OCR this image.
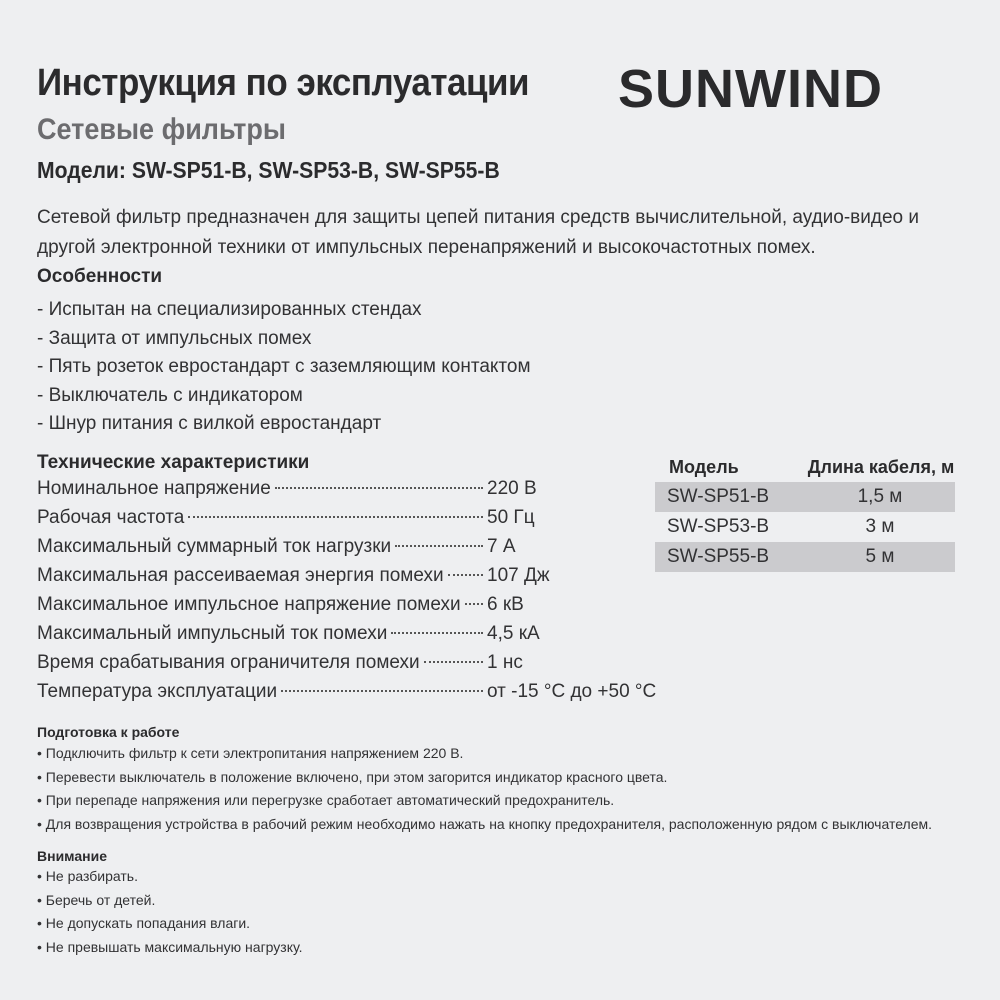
Инструкция по эксплуатации SUNWIND
Сетевые фильтры
Модели: SW-SP51-B, SW-SP53-B, SW-SP55-B
Сетевой фильтр предназначен для защиты цепей питания средств вычислительной, аудио-видео и другой электронной техники от импульсных перенапряжений и высокочастотных помех.
Особенности
- Испытан на специализированных стендах
- Защита от импульсных помех
- Пять розеток евростандарт с заземляющим контактом
- Выключатель с индикатором
- Шнур питания с вилкой евростандарт
Технические характеристики
Номинальное напряжение	220 В
Рабочая частота	50 Гц
Максимальный суммарный ток нагрузки	7 А
Максимальная рассеиваемая энергия помехи 107 Дж
Максимальное импульсное напряжение помехи 6 кВ
Максимальный импульсный ток помехи	4,5 кА
Время срабатывания ограничителя помехи	1 нс
Температура эксплуатации	от -15 °С до +50 °С
Модель	Длина кабеля, м
SW-SP51-B	1,5 м
SW-SP53-B	3 м
SW-SP55-B	5 м
Подготовка к работе
• Подключить фильтр к сети электропитания напряжением 220 В.
• Перевести выключатель в положение включено, при этом загорится индикатор красного цвета.
• При перепаде напряжения или перегрузке сработает автоматический предохранитель.
• Для возвращения устройства в рабочий режим необходимо нажать на кнопку предохранителя, расположенную рядом с выключателем.
Внимание
• Не разбирать.
• Беречь от детей.
• Не допускать попадания влаги.
• Не превышать максимальную нагрузку.
